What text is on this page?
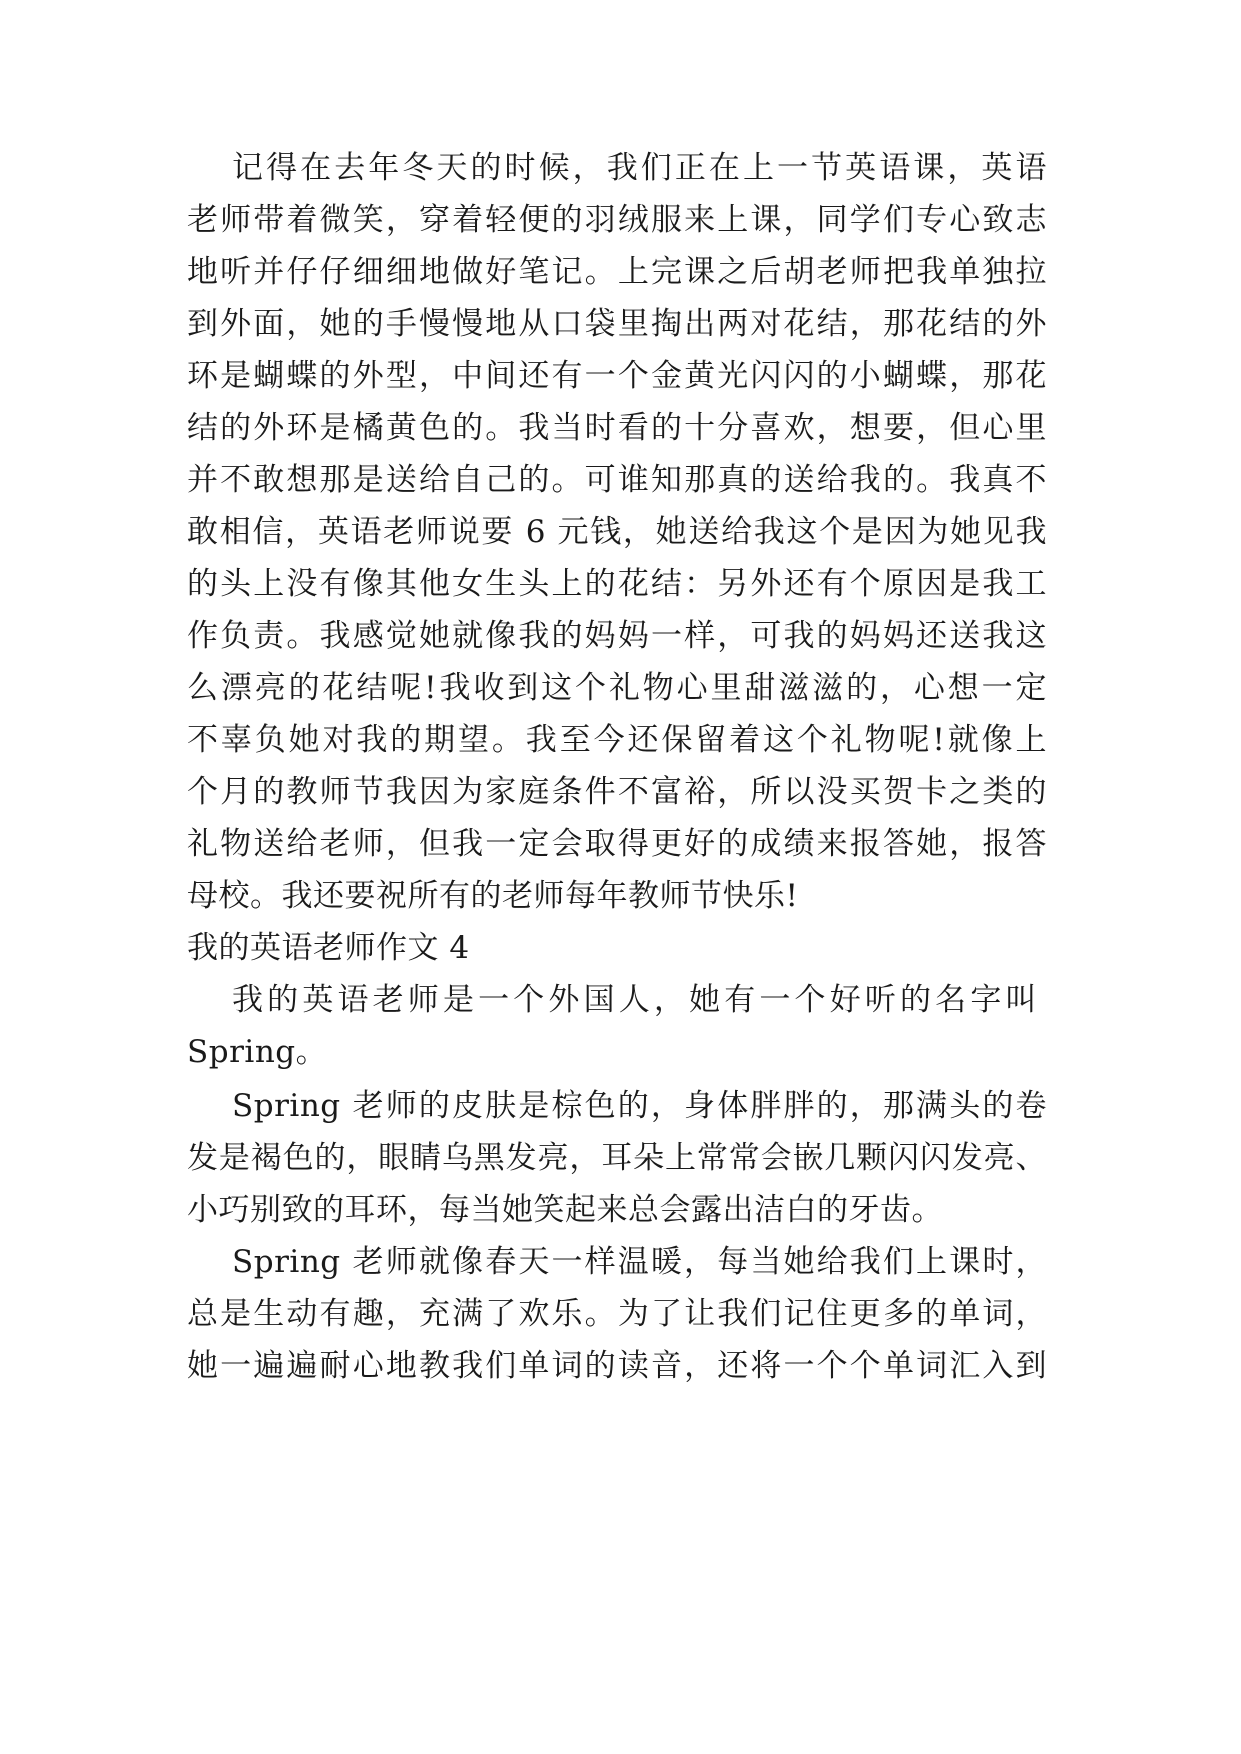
记得在去年冬天的时候，我们正在上一节英语课，英语
老师带着微笑，穿着轻便的羽绒服来上课，同学们专心致志
地听并仔仔细细地做好笔记。上完课之后胡老师把我单独拉
到外面，她的手慢慢地从口袋里掏出两对花结，那花结的外
环是蝴蝶的外型，中间还有一个金黄光闪闪的小蝴蝶，那花
结的外环是橘黄色的。我当时看的十分喜欢，想要，但心里
并不敢想那是送给自己的。可谁知那真的送给我的。我真不
敢相信，英语老师说要 6 元钱，她送给我这个是因为她见我
的头上没有像其他女生头上的花结：另外还有个原因是我工
作负责。我感觉她就像我的妈妈一样，可我的妈妈还送我这
么漂亮的花结呢!我收到这个礼物心里甜滋滋的，心想一定
不辜负她对我的期望。我至今还保留着这个礼物呢!就像上
个月的教师节我因为家庭条件不富裕，所以没买贺卡之类的
礼物送给老师，但我一定会取得更好的成绩来报答她，报答
母校。我还要祝所有的老师每年教师节快乐!
我的英语老师作文 4
我的英语老师是一个外国人，她有一个好听的名字叫
Spring。
Spring 老师的皮肤是棕色的，身体胖胖的，那满头的卷
发是褐色的，眼睛乌黑发亮，耳朵上常常会嵌几颗闪闪发亮、
小巧别致的耳环，每当她笑起来总会露出洁白的牙齿。
Spring 老师就像春天一样温暖，每当她给我们上课时，
总是生动有趣，充满了欢乐。为了让我们记住更多的单词，
她一遍遍耐心地教我们单词的读音，还将一个个单词汇入到
